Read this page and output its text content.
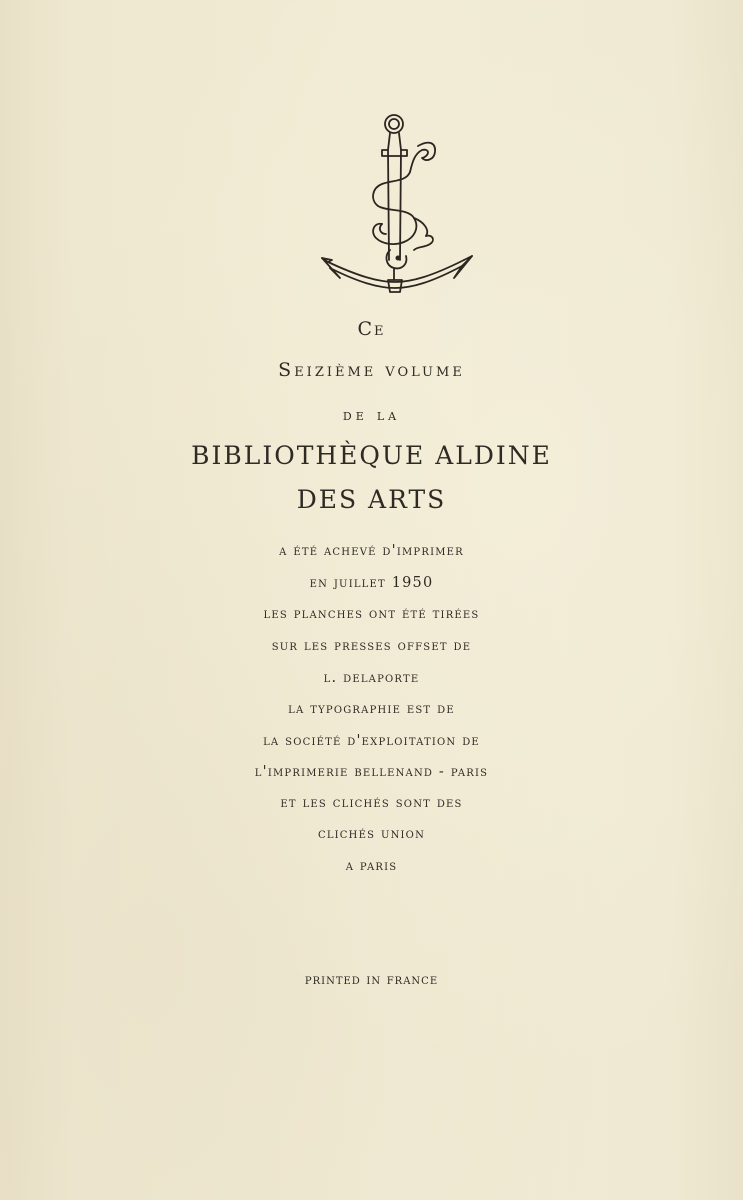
Ce

Seizième volume

de la

BIBLIOTHÈQUE ALDINE

DES ARTS

a été achevé d'imprimer

en juillet 1950

les planches ont été tirées

sur les presses offset de

l. delaporte

la typographie est de

la société d'exploitation de

l'imprimerie bellenand - paris

et les clichés sont des

clichés union

a paris

printed in france
